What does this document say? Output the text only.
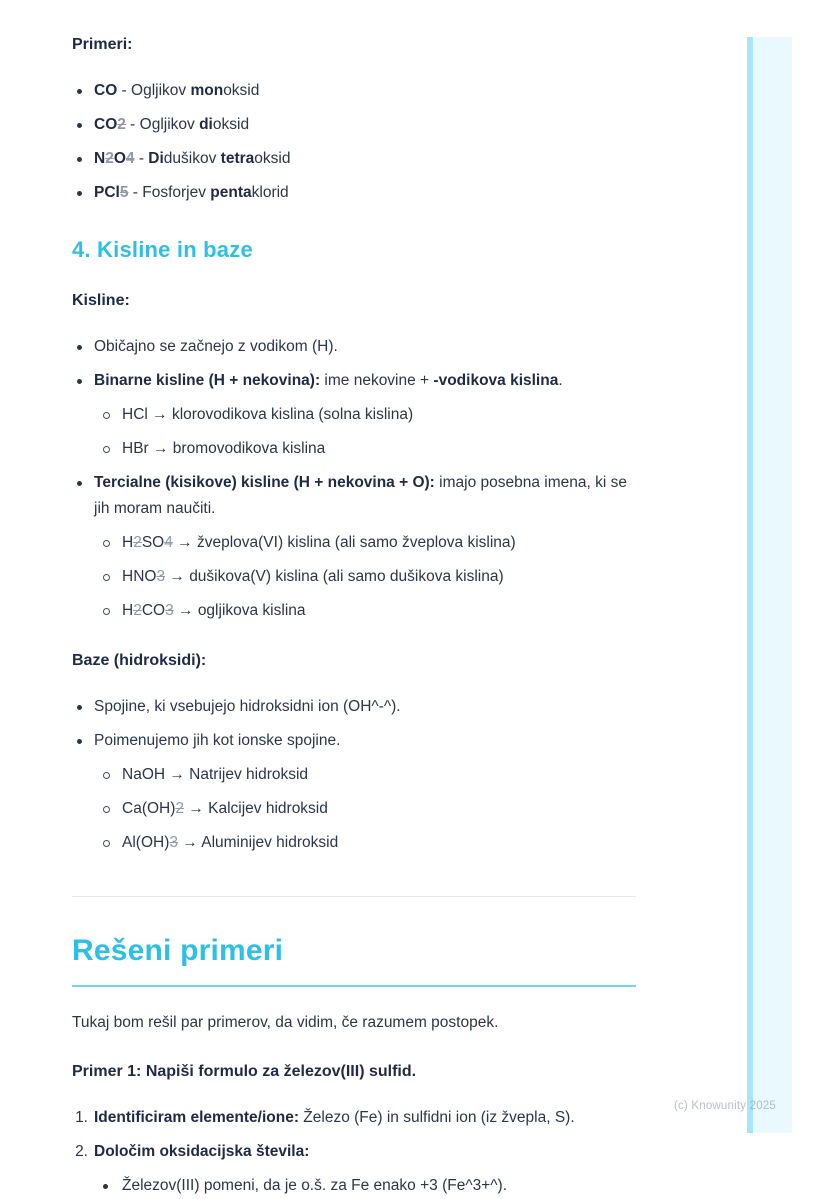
Primeri:
CO - Ogljikov monoksid
CO2 - Ogljikov dioksid
N2O4 - Didušikov tetraoksid
PCl5 - Fosforjev pentaklorid
4. Kisline in baze
Kisline:
Običajno se začnejo z vodikom (H).
Binarne kisline (H + nekovina): ime nekovine + -vodikova kislina.
HCl → klorovodikova kislina (solna kislina)
HBr → bromovodikova kislina
Tercialne (kisikove) kisline (H + nekovina + O): imajo posebna imena, ki se jih moram naučiti.
H2SO4 → žveplova(VI) kislina (ali samo žveplova kislina)
HNO3 → dušikova(V) kislina (ali samo dušikova kislina)
H2CO3 → ogljikova kislina
Baze (hidroksidi):
Spojine, ki vsebujejo hidroksidni ion (OH^-^).
Poimenujemo jih kot ionske spojine.
NaOH → Natrijev hidroksid
Ca(OH)2 → Kalcijev hidroksid
Al(OH)3 → Aluminijev hidroksid
Rešeni primeri

Tukaj bom rešil par primerov, da vidim, če razumem postopek.

Primer 1: Napiši formulo za železov(III) sulfid.
1. Identificiram elemente/ione: Železo (Fe) in sulfidni ion (iz žvepla, S).
2. Določim oksidacijska števila:
Železov(III) pomeni, da je o.š. za Fe enako +3 (Fe^3+^).
(c) Knowunity 2025
